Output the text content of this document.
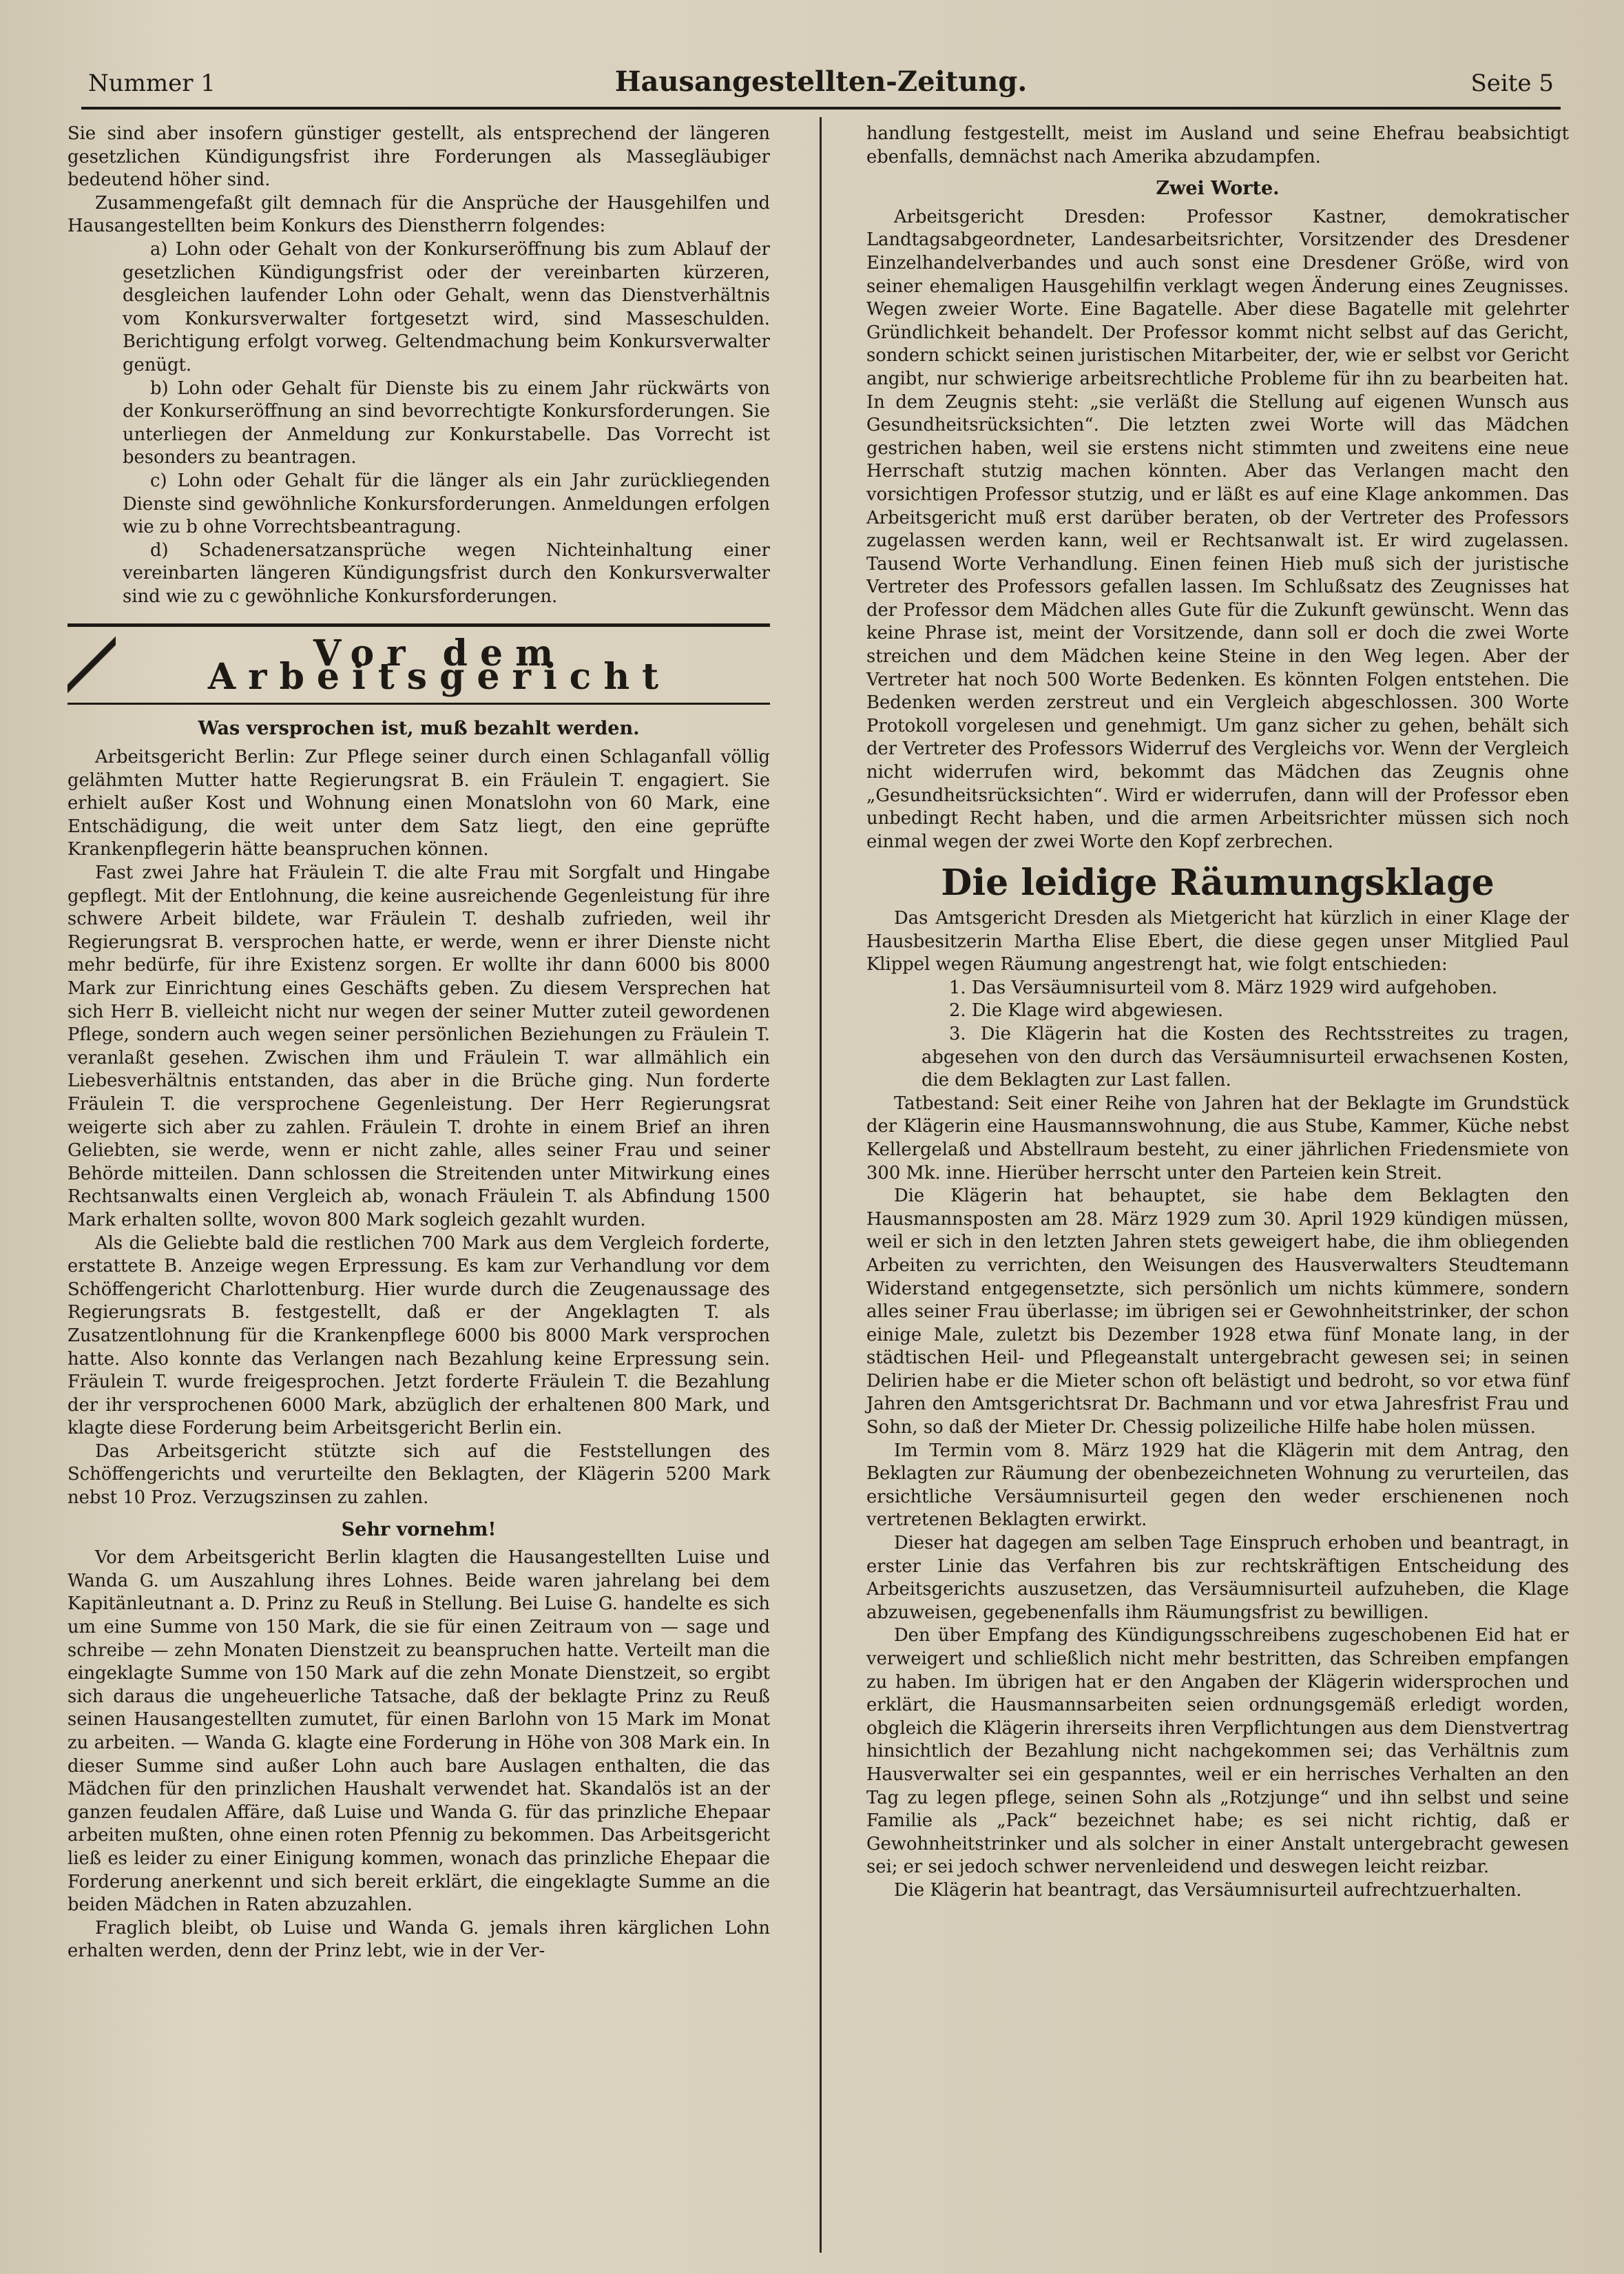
Nummer 1	Hausangestellten-Zeitung.	Seite 5

Sie sind aber insofern günstiger gestellt, als entsprechend der längeren gesetzlichen Kündigungsfrist ihre Forderungen als Massegläubiger bedeutend höher sind.

Zusammengefaßt gilt demnach für die Ansprüche der Hausgehilfen und Hausangestellten beim Konkurs des Dienstherrn folgendes:

a) Lohn oder Gehalt von der Konkurseröffnung bis zum Ablauf der gesetzlichen Kündigungsfrist oder der vereinbarten kürzeren, desgleichen laufender Lohn oder Gehalt, wenn das Dienstverhältnis vom Konkursverwalter fortgesetzt wird, sind Masseschulden. Berichtigung erfolgt vorweg. Geltendmachung beim Konkursverwalter genügt.

b) Lohn oder Gehalt für Dienste bis zu einem Jahr rückwärts von der Konkurseröffnung an sind bevorrechtigte Konkursforderungen. Sie unterliegen der Anmeldung zur Konkurstabelle. Das Vorrecht ist besonders zu beantragen.

c) Lohn oder Gehalt für die länger als ein Jahr zurückliegenden Dienste sind gewöhnliche Konkursforderungen. Anmeldungen erfolgen wie zu b ohne Vorrechtsbeantragung.

d) Schadenersatzansprüche wegen Nichteinhaltung einer vereinbarten längeren Kündigungsfrist durch den Konkursverwalter sind wie zu c gewöhnliche Konkursforderungen.

Vor dem Arbeitsgericht
Was versprochen ist, muß bezahlt werden.

Arbeitsgericht Berlin: Zur Pflege seiner durch einen Schlaganfall völlig gelähmten Mutter hatte Regierungsrat B. ein Fräulein T. engagiert. Sie erhielt außer Kost und Wohnung einen Monatslohn von 60 Mark, eine Entschädigung, die weit unter dem Satz liegt, den eine geprüfte Krankenpflegerin hätte beanspruchen können.

Fast zwei Jahre hat Fräulein T. die alte Frau mit Sorgfalt und Hingabe gepflegt. Mit der Entlohnung, die keine ausreichende Gegenleistung für ihre schwere Arbeit bildete, war Fräulein T. deshalb zufrieden, weil ihr Regierungsrat B. versprochen hatte, er werde, wenn er ihrer Dienste nicht mehr bedürfe, für ihre Existenz sorgen. Er wollte ihr dann 6000 bis 8000 Mark zur Einrichtung eines Geschäfts geben. Zu diesem Versprechen hat sich Herr B. vielleicht nicht nur wegen der seiner Mutter zuteil gewordenen Pflege, sondern auch wegen seiner persönlichen Beziehungen zu Fräulein T. veranlaßt gesehen. Zwischen ihm und Fräulein T. war allmählich ein Liebesverhältnis entstanden, das aber in die Brüche ging. Nun forderte Fräulein T. die versprochene Gegenleistung. Der Herr Regierungsrat weigerte sich aber zu zahlen. Fräulein T. drohte in einem Brief an ihren Geliebten, sie werde, wenn er nicht zahle, alles seiner Frau und seiner Behörde mitteilen. Dann schlossen die Streitenden unter Mitwirkung eines Rechtsanwalts einen Vergleich ab, wonach Fräulein T. als Abfindung 1500 Mark erhalten sollte, wovon 800 Mark sogleich gezahlt wurden.

Als die Geliebte bald die restlichen 700 Mark aus dem Vergleich forderte, erstattete B. Anzeige wegen Erpressung. Es kam zur Verhandlung vor dem Schöffengericht Charlottenburg. Hier wurde durch die Zeugenaussage des Regierungsrats B. festgestellt, daß er der Angeklagten T. als Zusatzentlohnung für die Krankenpflege 6000 bis 8000 Mark versprochen hatte. Also konnte das Verlangen nach Bezahlung keine Erpressung sein. Fräulein T. wurde freigesprochen. Jetzt forderte Fräulein T. die Bezahlung der ihr versprochenen 6000 Mark, abzüglich der erhaltenen 800 Mark, und klagte diese Forderung beim Arbeitsgericht Berlin ein.

Das Arbeitsgericht stützte sich auf die Feststellungen des Schöffengerichts und verurteilte den Beklagten, der Klägerin 5200 Mark nebst 10 Proz. Verzugszinsen zu zahlen.

Sehr vornehm!

Vor dem Arbeitsgericht Berlin klagten die Hausangestellten Luise und Wanda G. um Auszahlung ihres Lohnes. Beide waren jahrelang bei dem Kapitänleutnant a. D. Prinz zu Reuß in Stellung. Bei Luise G. handelte es sich um eine Summe von 150 Mark, die sie für einen Zeitraum von — sage und schreibe — zehn Monaten Dienstzeit zu beanspruchen hatte. Verteilt man die eingeklagte Summe von 150 Mark auf die zehn Monate Dienstzeit, so ergibt sich daraus die ungeheuerliche Tatsache, daß der beklagte Prinz zu Reuß seinen Hausangestellten zumutet, für einen Barlohn von 15 Mark im Monat zu arbeiten. — Wanda G. klagte eine Forderung in Höhe von 308 Mark ein. In dieser Summe sind außer Lohn auch bare Auslagen enthalten, die das Mädchen für den prinzlichen Haushalt verwendet hat. Skandalös ist an der ganzen feudalen Affäre, daß Luise und Wanda G. für das prinzliche Ehepaar arbeiten mußten, ohne einen roten Pfennig zu bekommen. Das Arbeitsgericht ließ es leider zu einer Einigung kommen, wonach das prinzliche Ehepaar die Forderung anerkennt und sich bereit erklärt, die eingeklagte Summe an die beiden Mädchen in Raten abzuzahlen.

Fraglich bleibt, ob Luise und Wanda G. jemals ihren kärglichen Lohn erhalten werden, denn der Prinz lebt, wie in der Ver-

handlung festgestellt, meist im Ausland und seine Ehefrau beabsichtigt ebenfalls, demnächst nach Amerika abzudampfen.

Zwei Worte.

Arbeitsgericht Dresden: Professor Kastner, demokratischer Landtagsabgeordneter, Landesarbeitsrichter, Vorsitzender des Dresdener Einzelhandelverbandes und auch sonst eine Dresdener Größe, wird von seiner ehemaligen Hausgehilfin verklagt wegen Änderung eines Zeugnisses. Wegen zweier Worte. Eine Bagatelle. Aber diese Bagatelle mit gelehrter Gründlichkeit behandelt. Der Professor kommt nicht selbst auf das Gericht, sondern schickt seinen juristischen Mitarbeiter, der, wie er selbst vor Gericht angibt, nur schwierige arbeitsrechtliche Probleme für ihn zu bearbeiten hat. In dem Zeugnis steht: „sie verläßt die Stellung auf eigenen Wunsch aus Gesundheitsrücksichten“. Die letzten zwei Worte will das Mädchen gestrichen haben, weil sie erstens nicht stimmten und zweitens eine neue Herrschaft stutzig machen könnten. Aber das Verlangen macht den vorsichtigen Professor stutzig, und er läßt es auf eine Klage ankommen. Das Arbeitsgericht muß erst darüber beraten, ob der Vertreter des Professors zugelassen werden kann, weil er Rechtsanwalt ist. Er wird zugelassen. Tausend Worte Verhandlung. Einen feinen Hieb muß sich der juristische Vertreter des Professors gefallen lassen. Im Schlußsatz des Zeugnisses hat der Professor dem Mädchen alles Gute für die Zukunft gewünscht. Wenn das keine Phrase ist, meint der Vorsitzende, dann soll er doch die zwei Worte streichen und dem Mädchen keine Steine in den Weg legen. Aber der Vertreter hat noch 500 Worte Bedenken. Es könnten Folgen entstehen. Die Bedenken werden zerstreut und ein Vergleich abgeschlossen. 300 Worte Protokoll vorgelesen und genehmigt. Um ganz sicher zu gehen, behält sich der Vertreter des Professors Widerruf des Vergleichs vor. Wenn der Vergleich nicht widerrufen wird, bekommt das Mädchen das Zeugnis ohne „Gesundheitsrücksichten“. Wird er widerrufen, dann will der Professor eben unbedingt Recht haben, und die armen Arbeitsrichter müssen sich noch einmal wegen der zwei Worte den Kopf zerbrechen.

Die leidige Räumungsklage

Das Amtsgericht Dresden als Mietgericht hat kürzlich in einer Klage der Hausbesitzerin Martha Elise Ebert, die diese gegen unser Mitglied Paul Klippel wegen Räumung angestrengt hat, wie folgt entschieden:

1. Das Versäumnisurteil vom 8. März 1929 wird aufgehoben.

2. Die Klage wird abgewiesen.

3. Die Klägerin hat die Kosten des Rechtsstreites zu tragen, abgesehen von den durch das Versäumnisurteil erwachsenen Kosten, die dem Beklagten zur Last fallen.

Tatbestand: Seit einer Reihe von Jahren hat der Beklagte im Grundstück der Klägerin eine Hausmannswohnung, die aus Stube, Kammer, Küche nebst Kellergelaß und Abstellraum besteht, zu einer jährlichen Friedensmiete von 300 Mk. inne. Hierüber herrscht unter den Parteien kein Streit.

Die Klägerin hat behauptet, sie habe dem Beklagten den Hausmannsposten am 28. März 1929 zum 30. April 1929 kündigen müssen, weil er sich in den letzten Jahren stets geweigert habe, die ihm obliegenden Arbeiten zu verrichten, den Weisungen des Hausverwalters Steudtemann Widerstand entgegensetzte, sich persönlich um nichts kümmere, sondern alles seiner Frau überlasse; im übrigen sei er Gewohnheitstrinker, der schon einige Male, zuletzt bis Dezember 1928 etwa fünf Monate lang, in der städtischen Heil- und Pflegeanstalt untergebracht gewesen sei; in seinen Delirien habe er die Mieter schon oft belästigt und bedroht, so vor etwa fünf Jahren den Amtsgerichtsrat Dr. Bachmann und vor etwa Jahresfrist Frau und Sohn, so daß der Mieter Dr. Chessig polizeiliche Hilfe habe holen müssen.

Im Termin vom 8. März 1929 hat die Klägerin mit dem Antrag, den Beklagten zur Räumung der obenbezeichneten Wohnung zu verurteilen, das ersichtliche Versäumnisurteil gegen den weder erschienenen noch vertretenen Beklagten erwirkt.

Dieser hat dagegen am selben Tage Einspruch erhoben und beantragt, in erster Linie das Verfahren bis zur rechtskräftigen Entscheidung des Arbeitsgerichts auszusetzen, das Versäumnisurteil aufzuheben, die Klage abzuweisen, gegebenenfalls ihm Räumungsfrist zu bewilligen.

Den über Empfang des Kündigungsschreibens zugeschobenen Eid hat er verweigert und schließlich nicht mehr bestritten, das Schreiben empfangen zu haben. Im übrigen hat er den Angaben der Klägerin widersprochen und erklärt, die Hausmannsarbeiten seien ordnungsgemäß erledigt worden, obgleich die Klägerin ihrerseits ihren Verpflichtungen aus dem Dienstvertrag hinsichtlich der Bezahlung nicht nachgekommen sei; das Verhältnis zum Hausverwalter sei ein gespanntes, weil er ein herrisches Verhalten an den Tag zu legen pflege, seinen Sohn als „Rotzjunge“ und ihn selbst und seine Familie als „Pack“ bezeichnet habe; es sei nicht richtig, daß er Gewohnheitstrinker und als solcher in einer Anstalt untergebracht gewesen sei; er sei jedoch schwer nervenleidend und deswegen leicht reizbar.

Die Klägerin hat beantragt, das Versäumnisurteil aufrechtzuerhalten.
